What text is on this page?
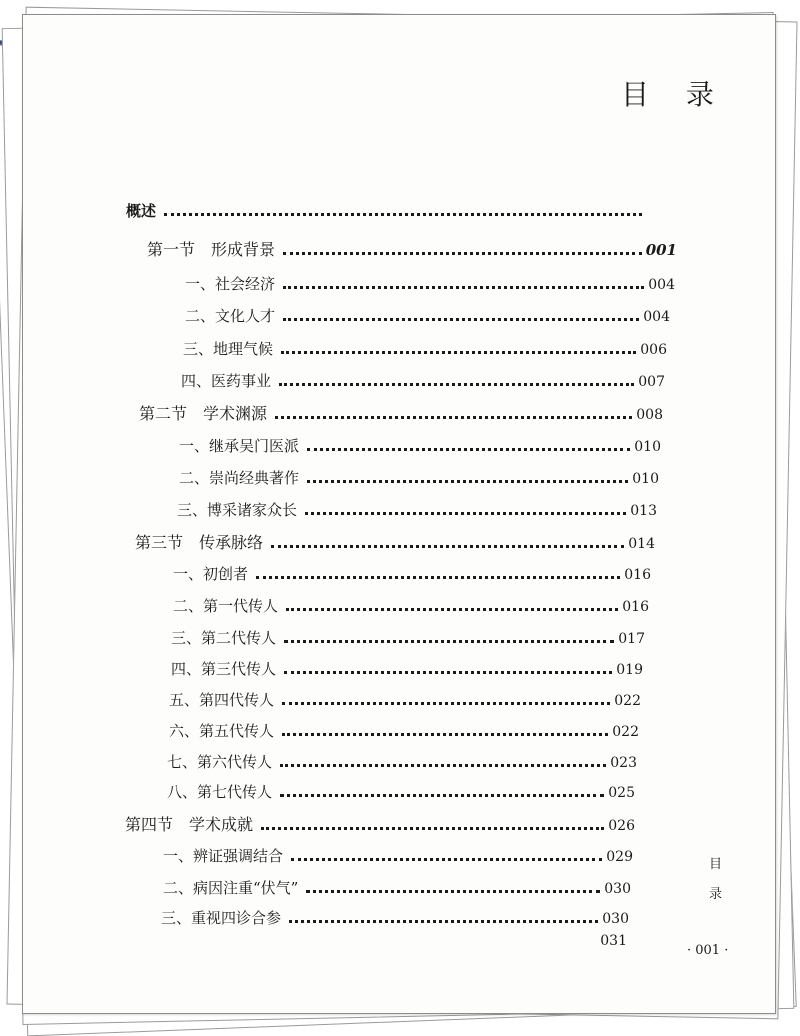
目 录
概述
第一节　形成背景	001
一、社会经济	004
二、文化人才	004
三、地理气候	006
四、医药事业	007
第二节　学术渊源	008
一、继承吴门医派	010
二、崇尚经典著作	010
三、博采诸家众长	013
第三节　传承脉络	014
一、初创者	016
二、第一代传人	016
三、第二代传人	017
四、第三代传人	019
五、第四代传人	022
六、第五代传人	022
七、第六代传人	023
八、第七代传人	025
第四节　学术成就	026
一、辨证强调结合	029
二、病因注重“伏气”	030
三、重视四诊合参	030
031
目
录
· 001 ·
